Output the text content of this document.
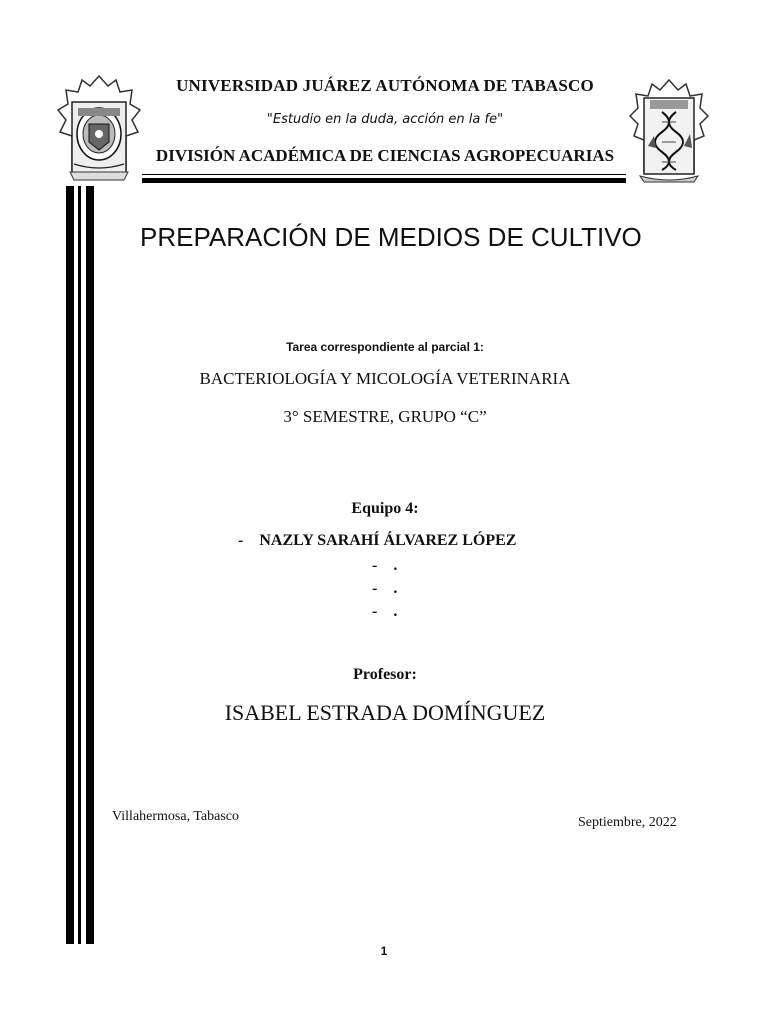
UNIVERSIDAD JUÁREZ AUTÓNOMA DE TABASCO
"Estudio en la duda, acción en la fe"
DIVISIÓN ACADÉMICA DE CIENCIAS AGROPECUARIAS
PREPARACIÓN DE MEDIOS DE CULTIVO
Tarea correspondiente al parcial 1:
BACTERIOLOGÍA Y MICOLOGÍA VETERINARIA
3° SEMESTRE, GRUPO “C”
Equipo 4:
-    NAZLY SARAHÍ ÁLVAREZ LÓPEZ
-    .
-    .
-    .
Profesor:
ISABEL ESTRADA DOMÍNGUEZ
Villahermosa, Tabasco	Septiembre, 2022
1
